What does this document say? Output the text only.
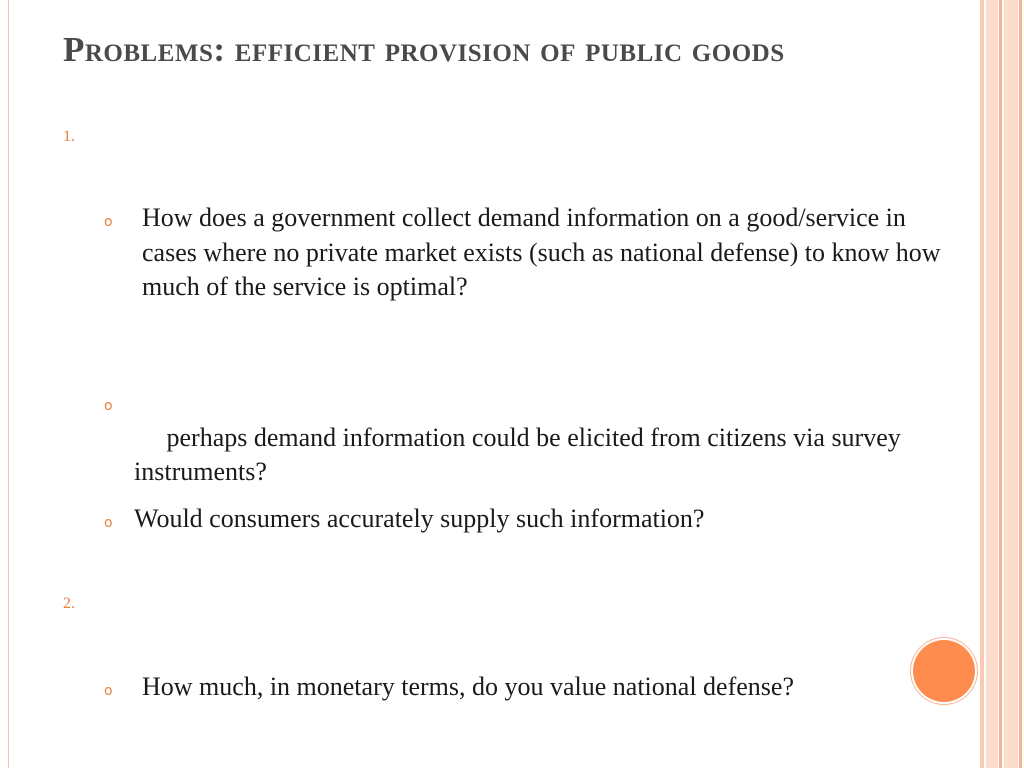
Problems: efficient provision of public goods
1.
o How does a government collect demand information on a good/service in cases where no private market exists (such as national defense) to know how much of the service is optimal?
o

perhaps demand information could be elicited from citizens via survey instruments?

o Would consumers accurately supply such information?
2.
o How much, in monetary terms, do you value national defense?
